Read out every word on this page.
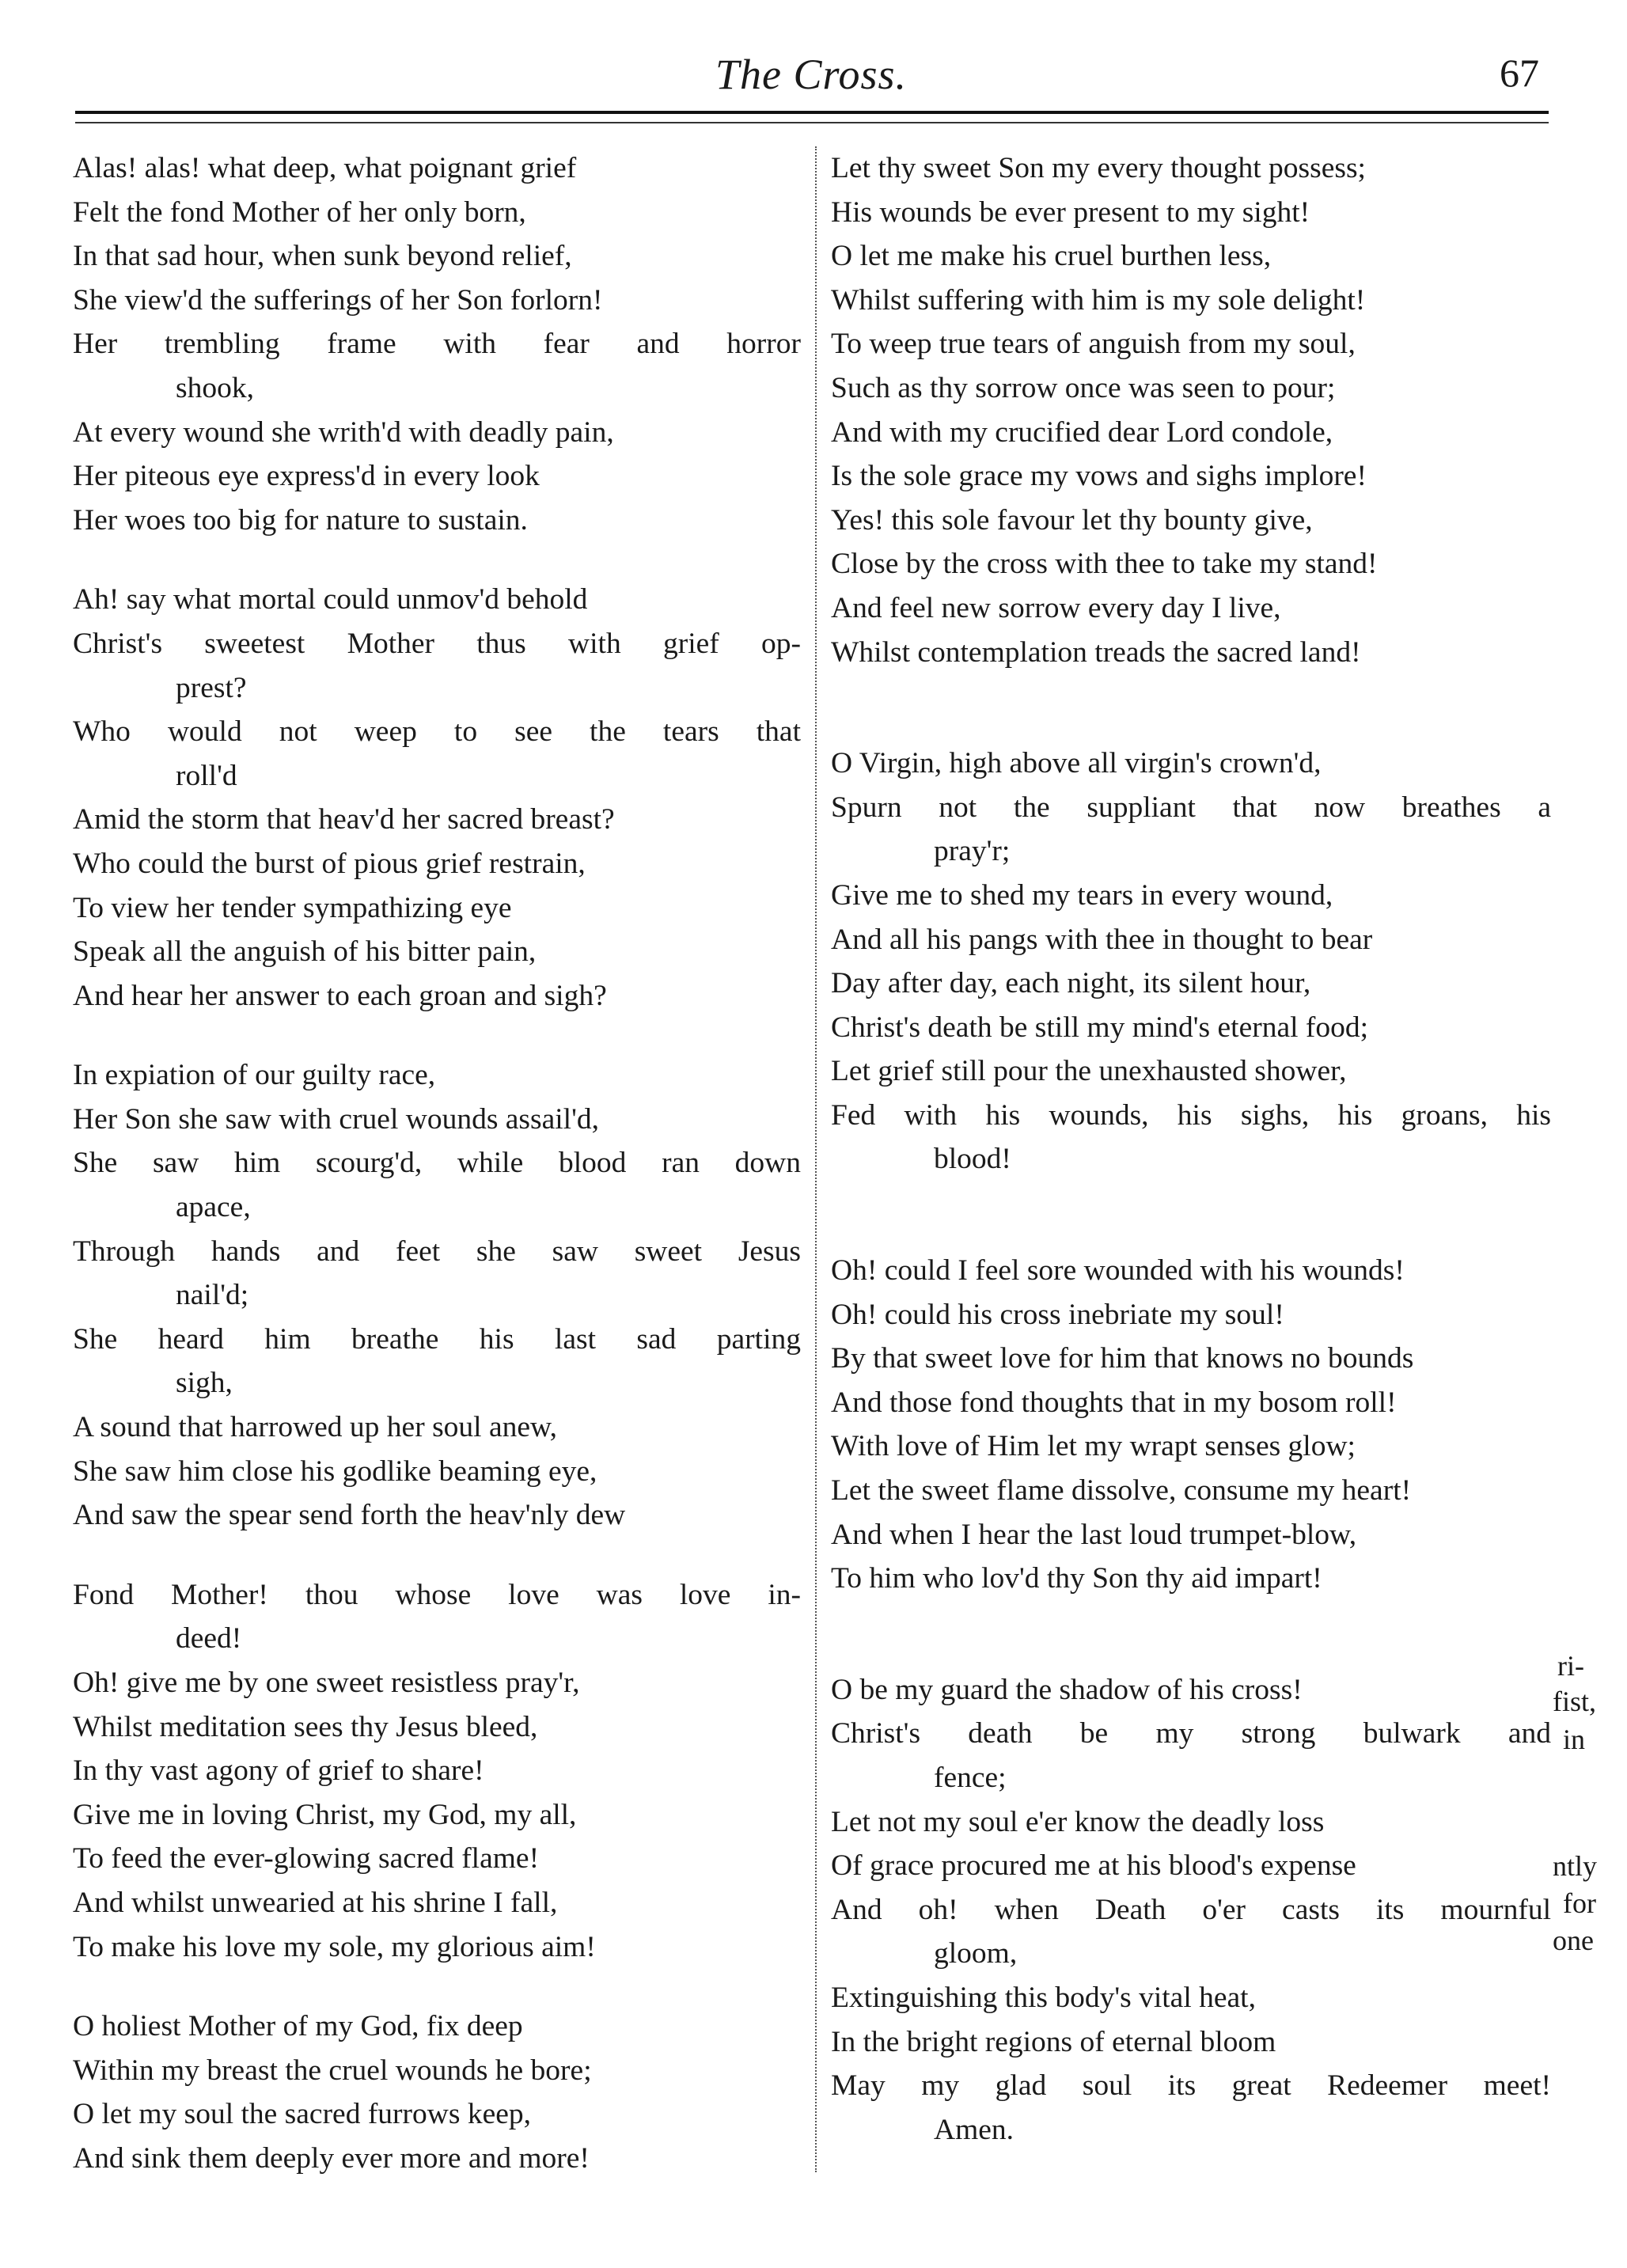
The Cross.	67
Alas! alas! what deep, what poignant grief
Felt the fond Mother of her only born,
In that sad hour, when sunk beyond relief,
She view'd the sufferings of her Son forlorn!
Her trembling frame with fear and horror
shook,
At every wound she writh'd with deadly pain,
Her piteous eye express'd in every look
Her woes too big for nature to sustain.
Ah! say what mortal could unmov'd behold
Christ's sweetest Mother thus with grief op-
prest?
Who would not weep to see the tears that
roll'd
Amid the storm that heav'd her sacred breast?
Who could the burst of pious grief restrain,
To view her tender sympathizing eye
Speak all the anguish of his bitter pain,
And hear her answer to each groan and sigh?
In expiation of our guilty race,
Her Son she saw with cruel wounds assail'd,
She saw him scourg'd, while blood ran down
apace,
Through hands and feet she saw sweet Jesus
nail'd;
She heard him breathe his last sad parting
sigh,
A sound that harrowed up her soul anew,
She saw him close his godlike beaming eye,
And saw the spear send forth the heav'nly dew
Fond Mother! thou whose love was love in-
deed!
Oh! give me by one sweet resistless pray'r,
Whilst meditation sees thy Jesus bleed,
In thy vast agony of grief to share!
Give me in loving Christ, my God, my all,
To feed the ever-glowing sacred flame!
And whilst unwearied at his shrine I fall,
To make his love my sole, my glorious aim!
O holiest Mother of my God, fix deep
Within my breast the cruel wounds he bore;
O let my soul the sacred furrows keep,
And sink them deeply ever more and more!
Let thy sweet Son my every thought possess;
His wounds be ever present to my sight!
O let me make his cruel burthen less,
Whilst suffering with him is my sole delight!
To weep true tears of anguish from my soul,
Such as thy sorrow once was seen to pour;
And with my crucified dear Lord condole,
Is the sole grace my vows and sighs implore!
Yes! this sole favour let thy bounty give,
Close by the cross with thee to take my stand!
And feel new sorrow every day I live,
Whilst contemplation treads the sacred land!
O Virgin, high above all virgin's crown'd,
Spurn not the suppliant that now breathes a
pray'r;
Give me to shed my tears in every wound,
And all his pangs with thee in thought to bear
Day after day, each night, its silent hour,
Christ's death be still my mind's eternal food;
Let grief still pour the unexhausted shower,
Fed with his wounds, his sighs, his groans, his
blood!
Oh! could I feel sore wounded with his wounds!
Oh! could his cross inebriate my soul!
By that sweet love for him that knows no bounds
And those fond thoughts that in my bosom roll!
With love of Him let my wrapt senses glow;
Let the sweet flame dissolve, consume my heart!
And when I hear the last loud trumpet-blow,
To him who lov'd thy Son thy aid impart!
O be my guard the shadow of his cross!
Christ's death be my strong bulwark and
fence;
Let not my soul e'er know the deadly loss
Of grace procured me at his blood's expense
And oh! when Death o'er casts its mournful
gloom,
Extinguishing this body's vital heat,
In the bright regions of eternal bloom
May my glad soul its great Redeemer meet!
Amen.
ri-
fist,
in
ntly
for
one
